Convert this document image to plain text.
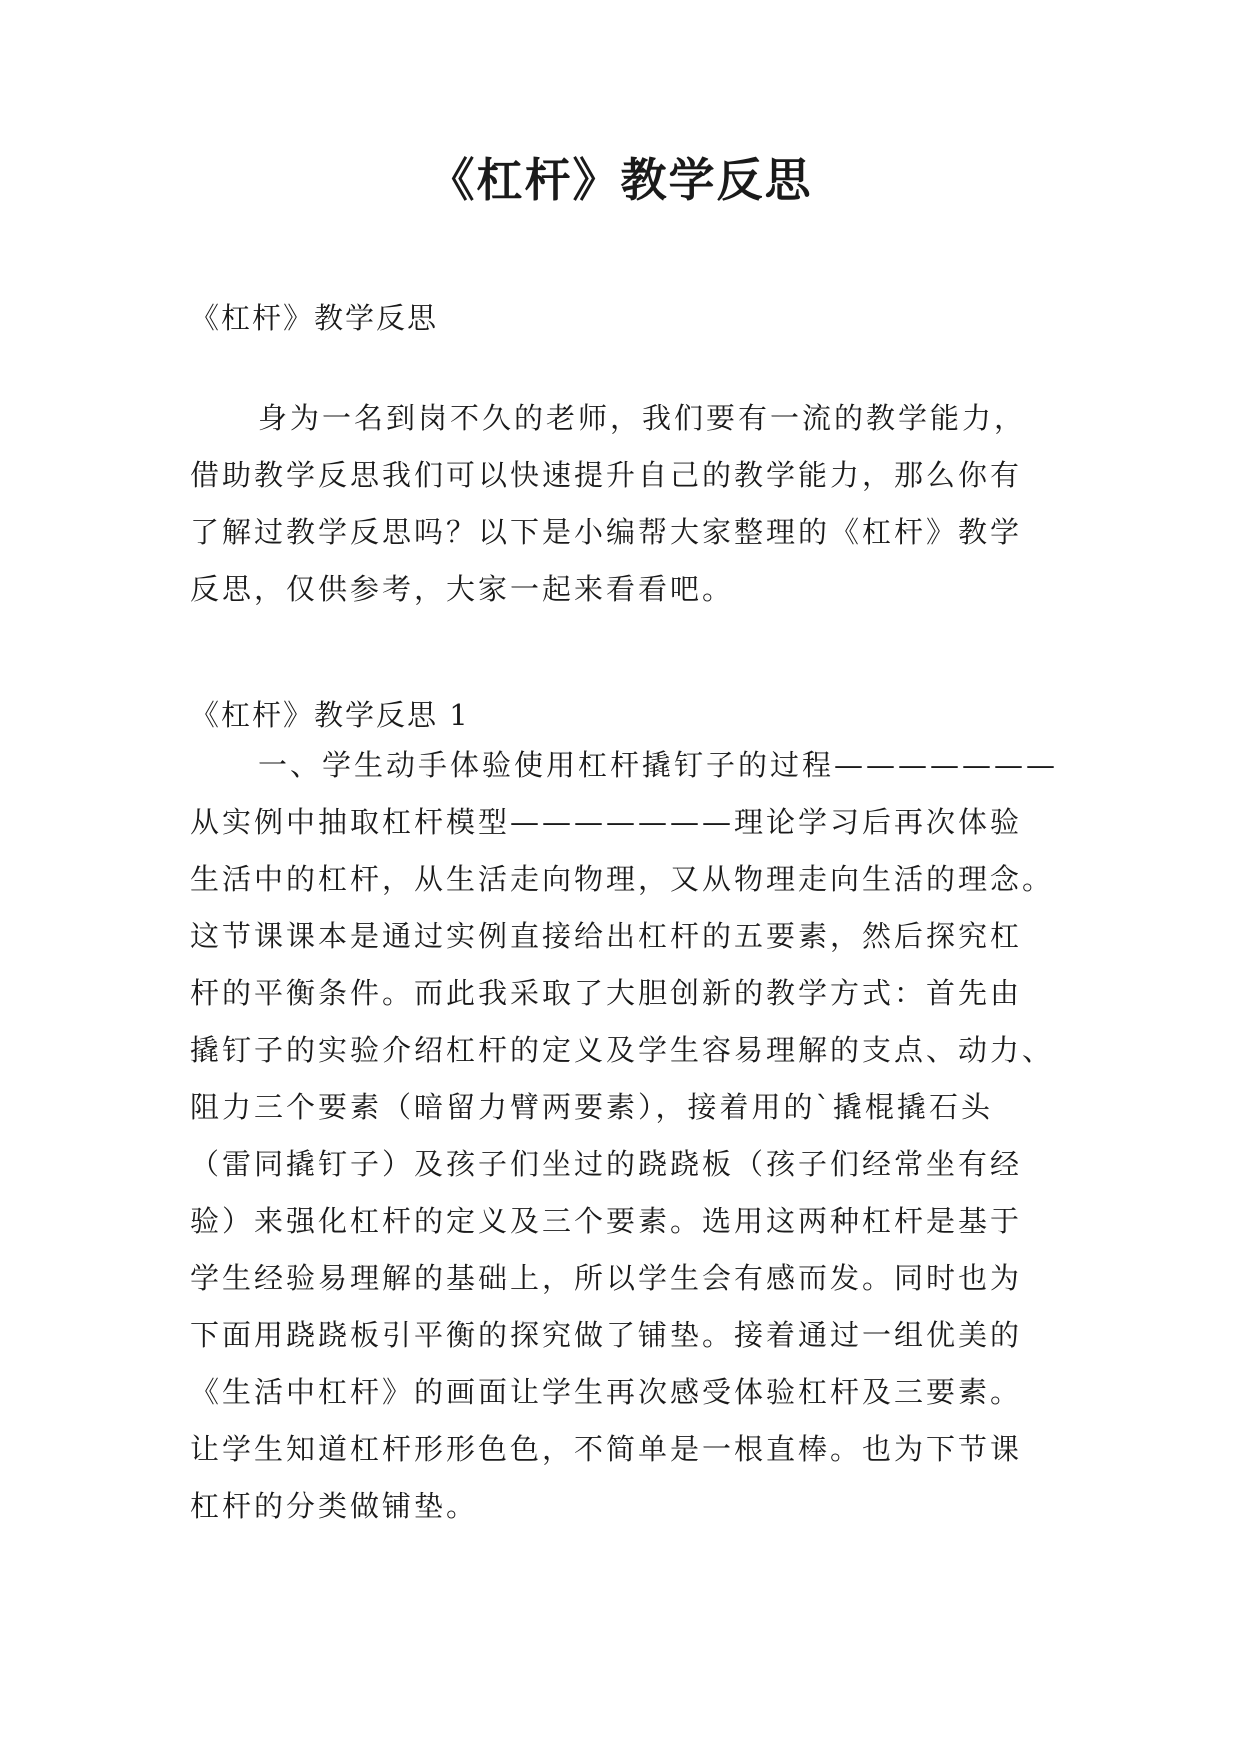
《杠杆》教学反思
《杠杆》教学反思
身为一名到岗不久的老师，我们要有一流的教学能力，
借助教学反思我们可以快速提升自己的教学能力，那么你有
了解过教学反思吗？以下是小编帮大家整理的《杠杆》教学
反思，仅供参考，大家一起来看看吧。
《杠杆》教学反思 1
一、学生动手体验使用杠杆撬钉子的过程———————
从实例中抽取杠杆模型———————理论学习后再次体验
生活中的杠杆，从生活走向物理，又从物理走向生活的理念。
这节课课本是通过实例直接给出杠杆的五要素，然后探究杠
杆的平衡条件。而此我采取了大胆创新的教学方式：首先由
撬钉子的实验介绍杠杆的定义及学生容易理解的支点、动力、
阻力三个要素（暗留力臂两要素），接着用的`撬棍撬石头
（雷同撬钉子）及孩子们坐过的跷跷板（孩子们经常坐有经
验）来强化杠杆的定义及三个要素。选用这两种杠杆是基于
学生经验易理解的基础上，所以学生会有感而发。同时也为
下面用跷跷板引平衡的探究做了铺垫。接着通过一组优美的
《生活中杠杆》的画面让学生再次感受体验杠杆及三要素。
让学生知道杠杆形形色色，不简单是一根直棒。也为下节课
杠杆的分类做铺垫。
